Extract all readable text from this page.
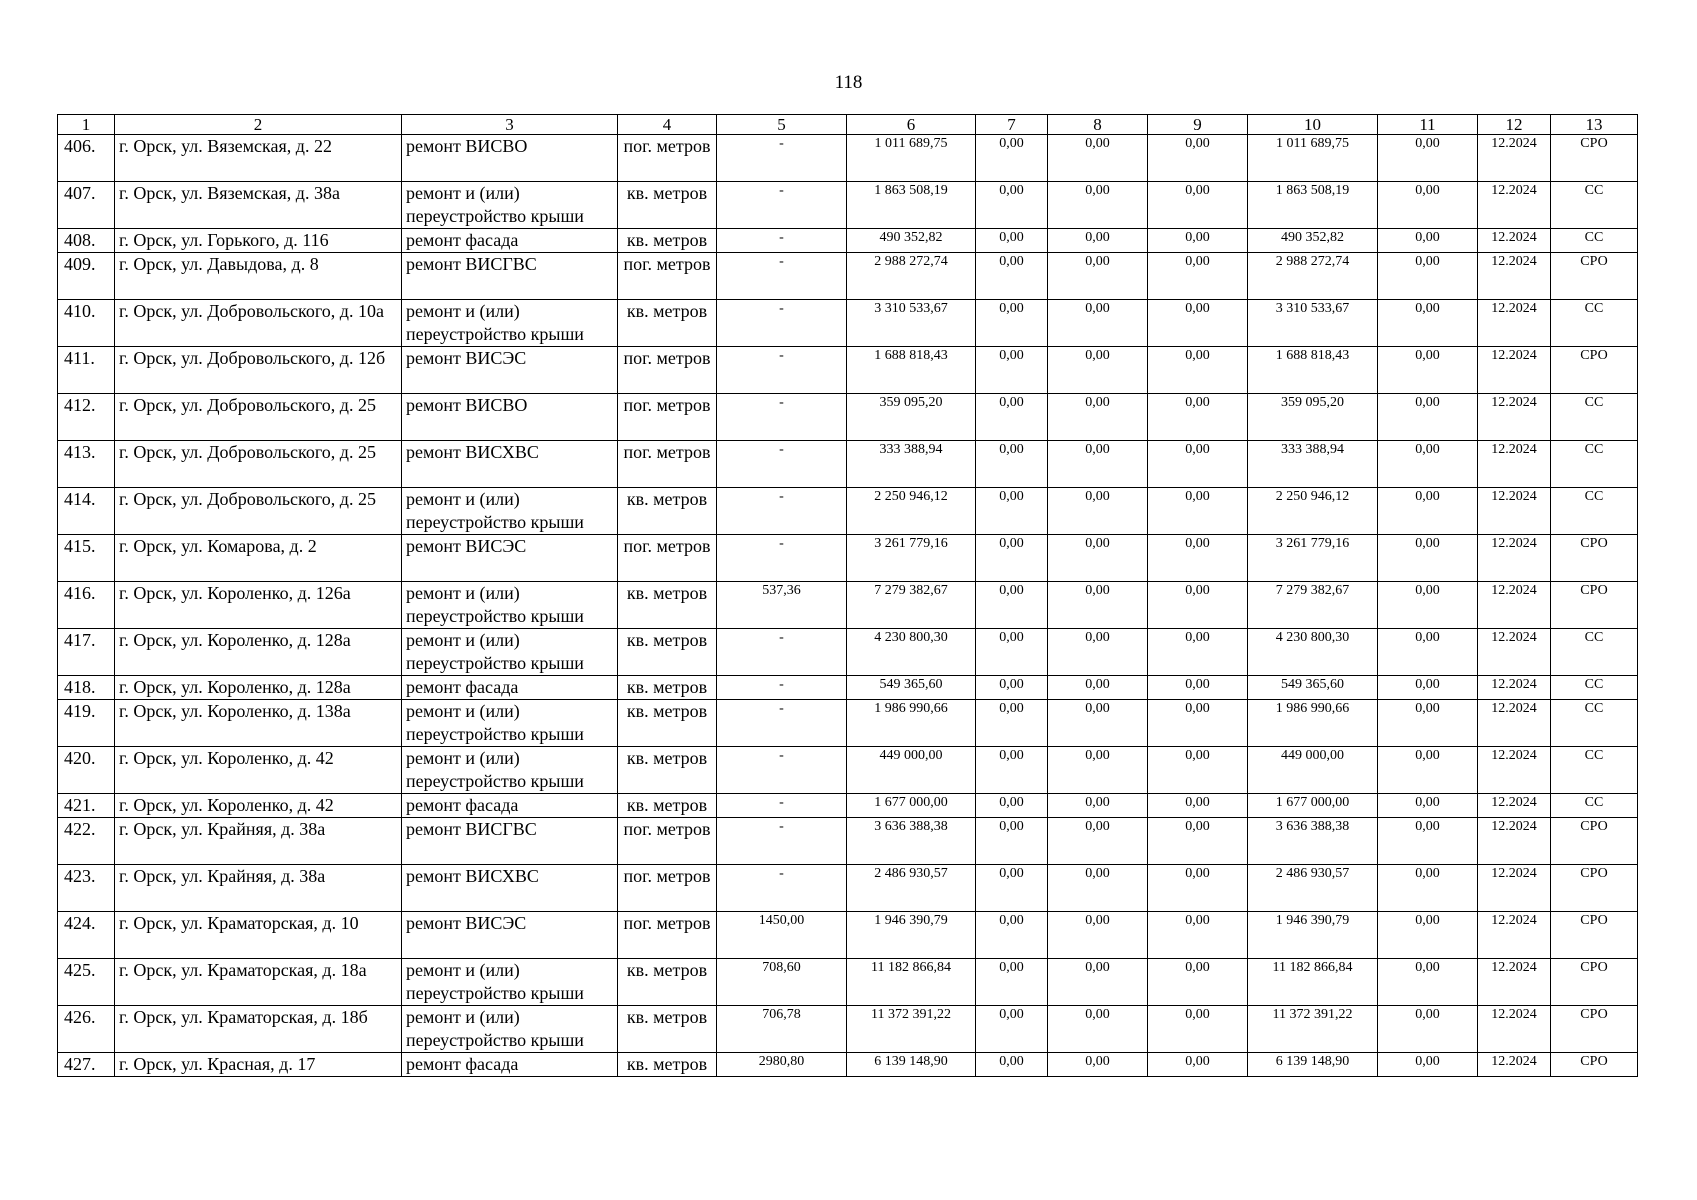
118
1	2	3	4	5	6	7	8	9	10	11	12	13
406.	г. Орск, ул. Вяземская, д. 22	ремонт ВИСВО	пог. метров	-	1 011 689,75	0,00	0,00	0,00	1 011 689,75	0,00	12.2024	СРО
407.	г. Орск, ул. Вяземская, д. 38а	ремонт и (или) переустройство крыши	кв. метров	-	1 863 508,19	0,00	0,00	0,00	1 863 508,19	0,00	12.2024	СС
408.	г. Орск, ул. Горького, д. 116	ремонт фасада	кв. метров	-	490 352,82	0,00	0,00	0,00	490 352,82	0,00	12.2024	СС
409.	г. Орск, ул. Давыдова, д. 8	ремонт ВИСГВС	пог. метров	-	2 988 272,74	0,00	0,00	0,00	2 988 272,74	0,00	12.2024	СРО
410.	г. Орск, ул. Добровольского, д. 10а	ремонт и (или) переустройство крыши	кв. метров	-	3 310 533,67	0,00	0,00	0,00	3 310 533,67	0,00	12.2024	СС
411.	г. Орск, ул. Добровольского, д. 12б	ремонт ВИСЭС	пог. метров	-	1 688 818,43	0,00	0,00	0,00	1 688 818,43	0,00	12.2024	СРО
412.	г. Орск, ул. Добровольского, д. 25	ремонт ВИСВО	пог. метров	-	359 095,20	0,00	0,00	0,00	359 095,20	0,00	12.2024	СС
413.	г. Орск, ул. Добровольского, д. 25	ремонт ВИСХВС	пог. метров	-	333 388,94	0,00	0,00	0,00	333 388,94	0,00	12.2024	СС
414.	г. Орск, ул. Добровольского, д. 25	ремонт и (или) переустройство крыши	кв. метров	-	2 250 946,12	0,00	0,00	0,00	2 250 946,12	0,00	12.2024	СС
415.	г. Орск, ул. Комарова, д. 2	ремонт ВИСЭС	пог. метров	-	3 261 779,16	0,00	0,00	0,00	3 261 779,16	0,00	12.2024	СРО
416.	г. Орск, ул. Короленко, д. 126а	ремонт и (или) переустройство крыши	кв. метров	537,36	7 279 382,67	0,00	0,00	0,00	7 279 382,67	0,00	12.2024	СРО
417.	г. Орск, ул. Короленко, д. 128а	ремонт и (или) переустройство крыши	кв. метров	-	4 230 800,30	0,00	0,00	0,00	4 230 800,30	0,00	12.2024	СС
418.	г. Орск, ул. Короленко, д. 128а	ремонт фасада	кв. метров	-	549 365,60	0,00	0,00	0,00	549 365,60	0,00	12.2024	СС
419.	г. Орск, ул. Короленко, д. 138а	ремонт и (или) переустройство крыши	кв. метров	-	1 986 990,66	0,00	0,00	0,00	1 986 990,66	0,00	12.2024	СС
420.	г. Орск, ул. Короленко, д. 42	ремонт и (или) переустройство крыши	кв. метров	-	449 000,00	0,00	0,00	0,00	449 000,00	0,00	12.2024	СС
421.	г. Орск, ул. Короленко, д. 42	ремонт фасада	кв. метров	-	1 677 000,00	0,00	0,00	0,00	1 677 000,00	0,00	12.2024	СС
422.	г. Орск, ул. Крайняя, д. 38а	ремонт ВИСГВС	пог. метров	-	3 636 388,38	0,00	0,00	0,00	3 636 388,38	0,00	12.2024	СРО
423.	г. Орск, ул. Крайняя, д. 38а	ремонт ВИСХВС	пог. метров	-	2 486 930,57	0,00	0,00	0,00	2 486 930,57	0,00	12.2024	СРО
424.	г. Орск, ул. Краматорская, д. 10	ремонт ВИСЭС	пог. метров	1450,00	1 946 390,79	0,00	0,00	0,00	1 946 390,79	0,00	12.2024	СРО
425.	г. Орск, ул. Краматорская, д. 18а	ремонт и (или) переустройство крыши	кв. метров	708,60	11 182 866,84	0,00	0,00	0,00	11 182 866,84	0,00	12.2024	СРО
426.	г. Орск, ул. Краматорская, д. 18б	ремонт и (или) переустройство крыши	кв. метров	706,78	11 372 391,22	0,00	0,00	0,00	11 372 391,22	0,00	12.2024	СРО
427.	г. Орск, ул. Красная, д. 17	ремонт фасада	кв. метров	2980,80	6 139 148,90	0,00	0,00	0,00	6 139 148,90	0,00	12.2024	СРО
